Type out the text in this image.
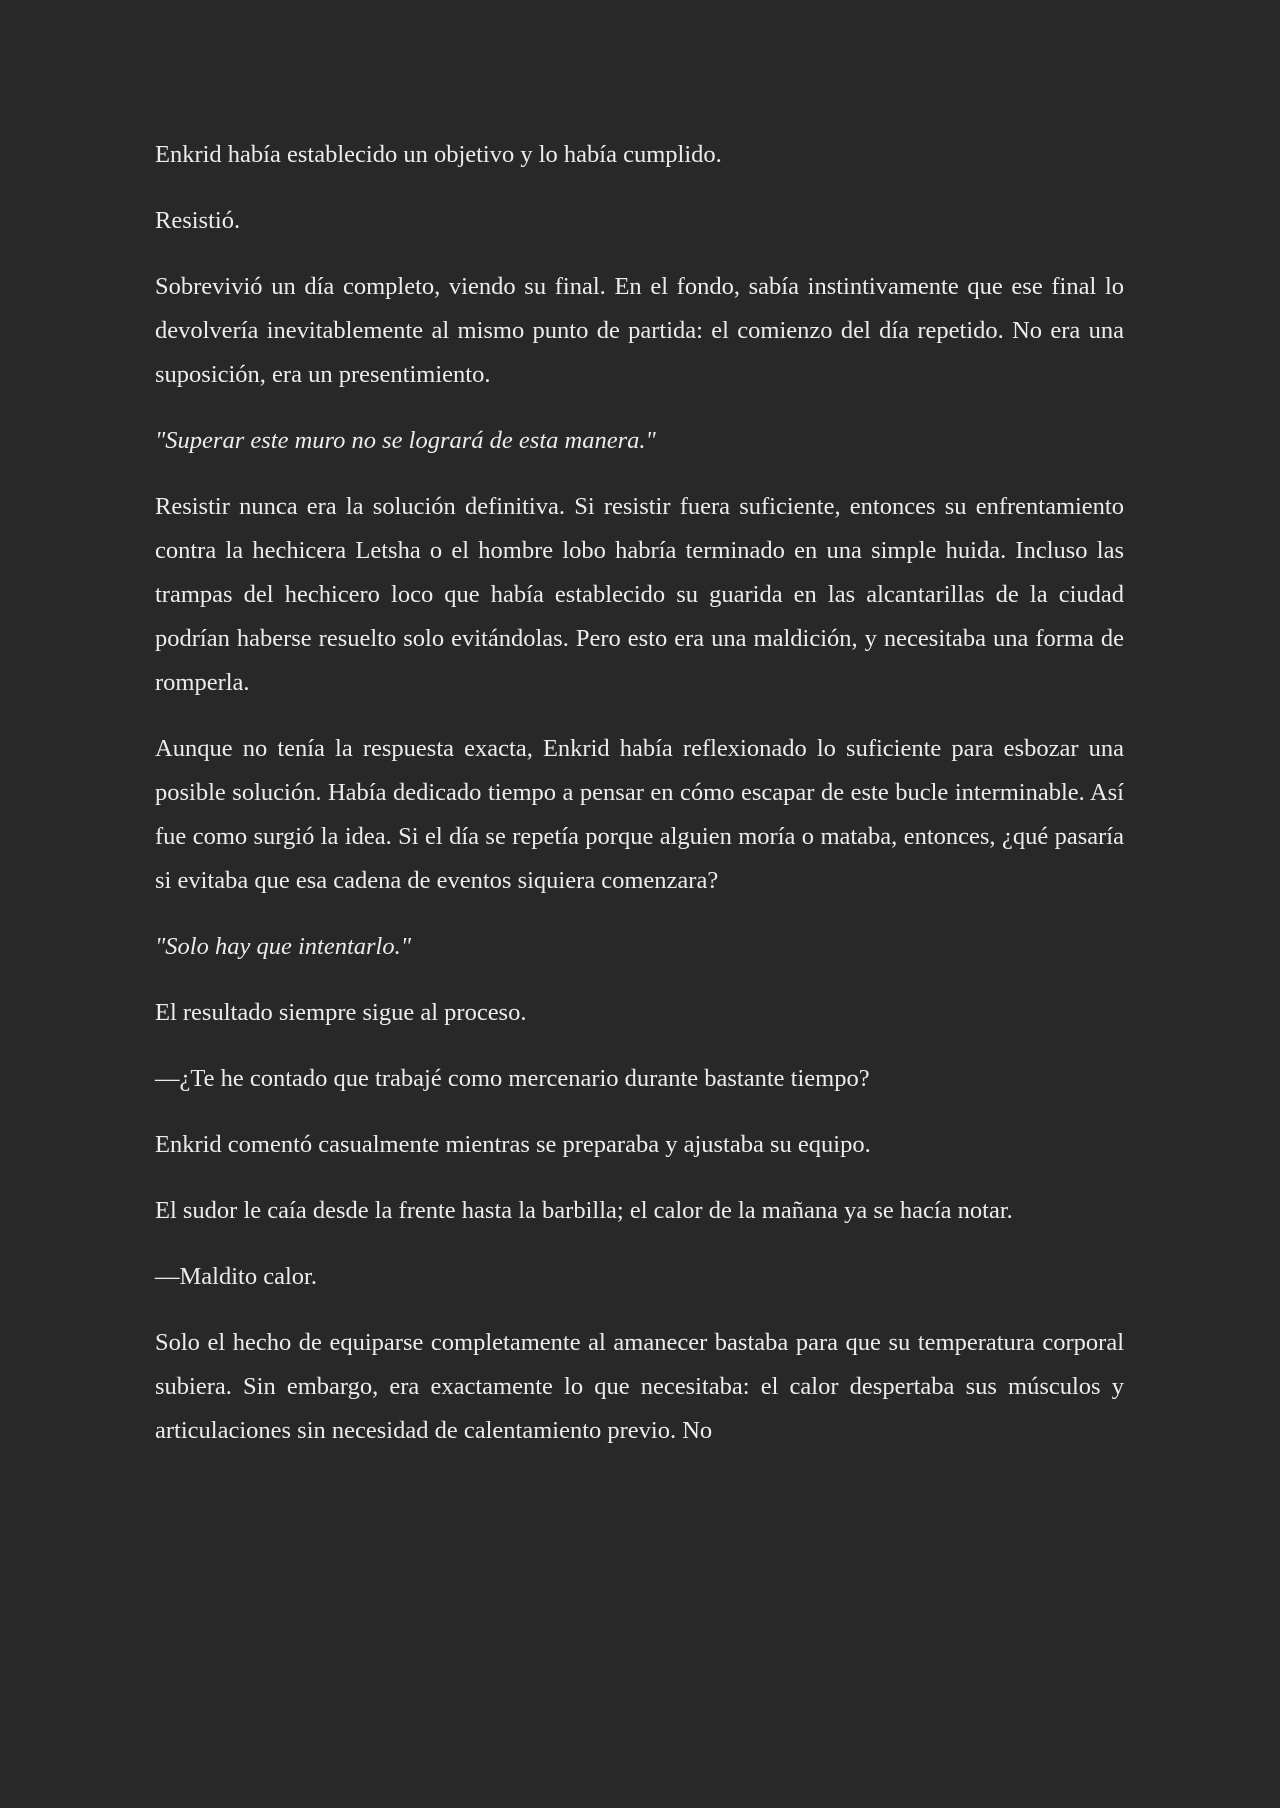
Enkrid había establecido un objetivo y lo había cumplido.

Resistió.

Sobrevivió un día completo, viendo su final. En el fondo, sabía instintivamente que ese final lo devolvería inevitablemente al mismo punto de partida: el comienzo del día repetido. No era una suposición, era un presentimiento.

"Superar este muro no se logrará de esta manera."

Resistir nunca era la solución definitiva. Si resistir fuera suficiente, entonces su enfrentamiento contra la hechicera Letsha o el hombre lobo habría terminado en una simple huida. Incluso las trampas del hechicero loco que había establecido su guarida en las alcantarillas de la ciudad podrían haberse resuelto solo evitándolas. Pero esto era una maldición, y necesitaba una forma de romperla.

Aunque no tenía la respuesta exacta, Enkrid había reflexionado lo suficiente para esbozar una posible solución. Había dedicado tiempo a pensar en cómo escapar de este bucle interminable. Así fue como surgió la idea. Si el día se repetía porque alguien moría o mataba, entonces, ¿qué pasaría si evitaba que esa cadena de eventos siquiera comenzara?

"Solo hay que intentarlo."

El resultado siempre sigue al proceso.

—¿Te he contado que trabajé como mercenario durante bastante tiempo?

Enkrid comentó casualmente mientras se preparaba y ajustaba su equipo.

El sudor le caía desde la frente hasta la barbilla; el calor de la mañana ya se hacía notar.

—Maldito calor.

Solo el hecho de equiparse completamente al amanecer bastaba para que su temperatura corporal subiera. Sin embargo, era exactamente lo que necesitaba: el calor despertaba sus músculos y articulaciones sin necesidad de calentamiento previo. No
